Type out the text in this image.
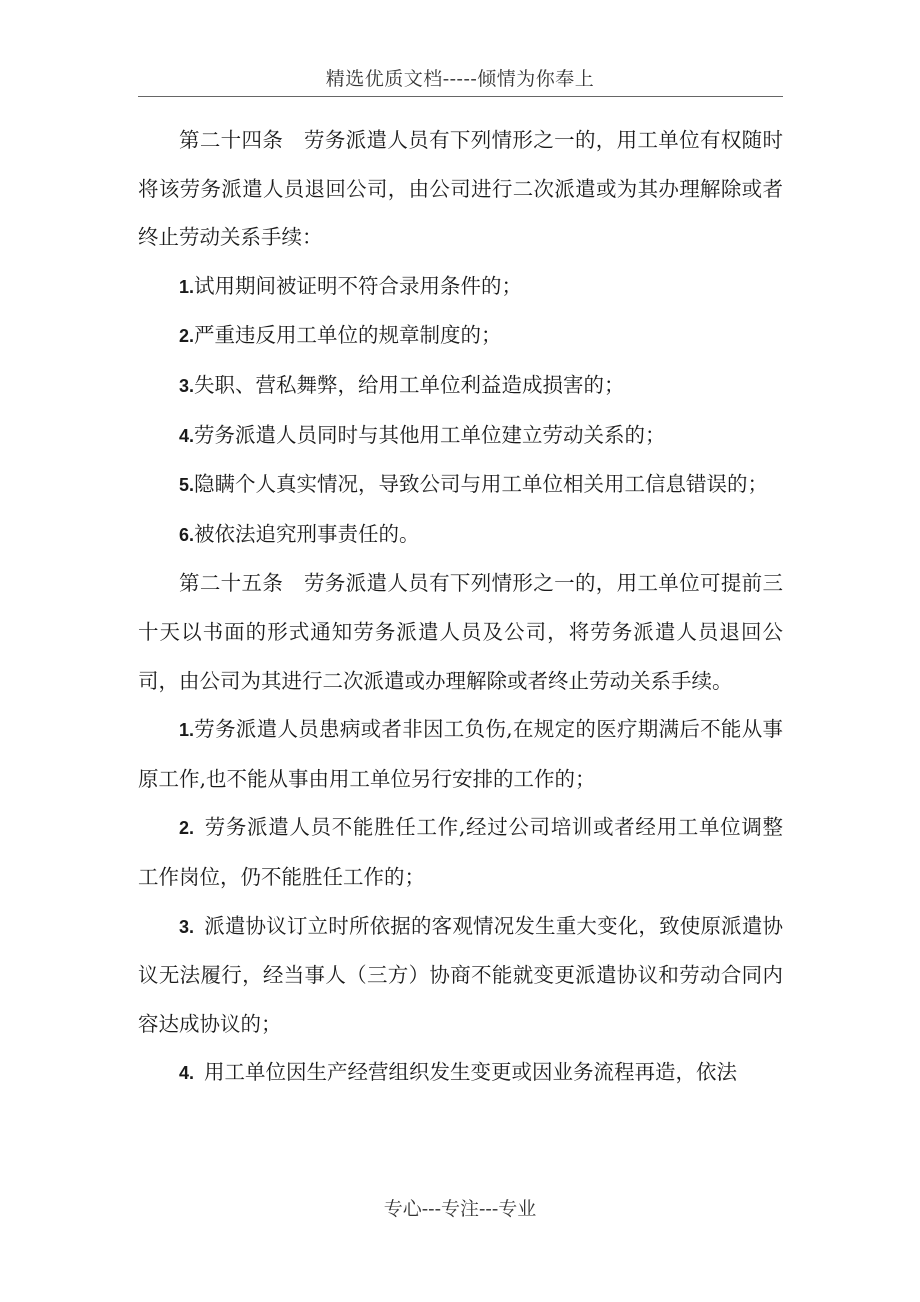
精选优质文档-----倾情为你奉上

第二十四条　劳务派遣人员有下列情形之一的，用工单位有权随时将该劳务派遣人员退回公司，由公司进行二次派遣或为其办理解除或者终止劳动关系手续：

1.试用期间被证明不符合录用条件的；

2.严重违反用工单位的规章制度的；

3.失职、营私舞弊，给用工单位利益造成损害的；

4.劳务派遣人员同时与其他用工单位建立劳动关系的；

5.隐瞒个人真实情况，导致公司与用工单位相关用工信息错误的；

6.被依法追究刑事责任的。

第二十五条　劳务派遣人员有下列情形之一的，用工单位可提前三十天以书面的形式通知劳务派遣人员及公司，将劳务派遣人员退回公司，由公司为其进行二次派遣或办理解除或者终止劳动关系手续。

1.劳务派遣人员患病或者非因工负伤,在规定的医疗期满后不能从事原工作,也不能从事由用工单位另行安排的工作的；

2. 劳务派遣人员不能胜任工作,经过公司培训或者经用工单位调整工作岗位，仍不能胜任工作的；

3. 派遣协议订立时所依据的客观情况发生重大变化，致使原派遣协议无法履行，经当事人（三方）协商不能就变更派遣协议和劳动合同内容达成协议的；

4. 用工单位因生产经营组织发生变更或因业务流程再造，依法

专心---专注---专业
